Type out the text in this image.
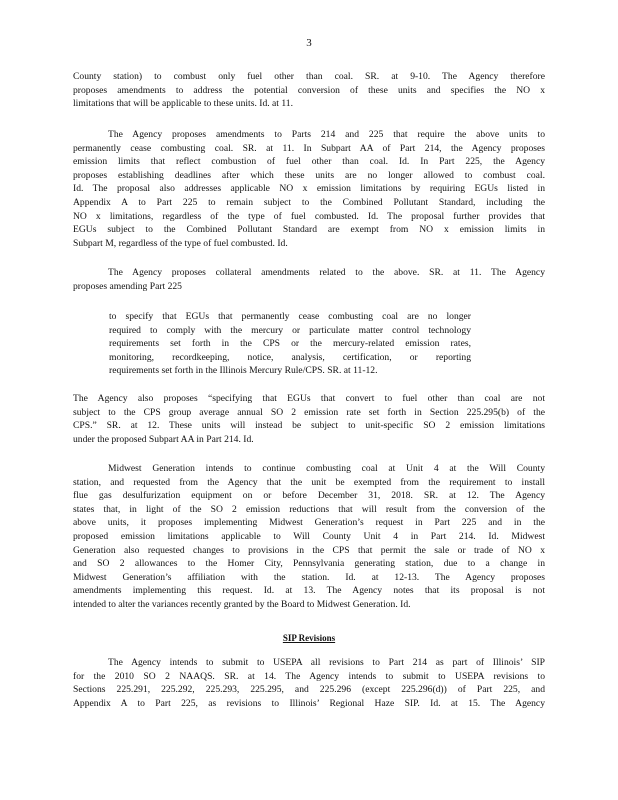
3

County station) to combust only fuel other than coal. SR. at 9-10. The Agency therefore

proposes amendments to address the potential conversion of these units and specifies the NO x

limitations that will be applicable to these units. Id. at 11.

The Agency proposes amendments to Parts 214 and 225 that require the above units to

permanently cease combusting coal. SR. at 11. In Subpart AA of Part 214, the Agency proposes

emission limits that reflect combustion of fuel other than coal. Id. In Part 225, the Agency

proposes establishing deadlines after which these units are no longer allowed to combust coal.

Id. The proposal also addresses applicable NO x emission limitations by requiring EGUs listed in

Appendix A to Part 225 to remain subject to the Combined Pollutant Standard, including the

NO x limitations, regardless of the type of fuel combusted. Id. The proposal further provides that

EGUs subject to the Combined Pollutant Standard are exempt from NO x emission limits in

Subpart M, regardless of the type of fuel combusted. Id.

The Agency proposes collateral amendments related to the above. SR. at 11. The Agency

proposes amending Part 225

to specify that EGUs that permanently cease combusting coal are no longer

required to comply with the mercury or particulate matter control technology

requirements set forth in the CPS or the mercury-related emission rates,

monitoring, recordkeeping, notice, analysis, certification, or reporting

requirements set forth in the Illinois Mercury Rule/CPS. SR. at 11-12.

The Agency also proposes “specifying that EGUs that convert to fuel other than coal are not

subject to the CPS group average annual SO 2 emission rate set forth in Section 225.295(b) of the

CPS.” SR. at 12. These units will instead be subject to unit-specific SO 2 emission limitations

under the proposed Subpart AA in Part 214. Id.

Midwest Generation intends to continue combusting coal at Unit 4 at the Will County

station, and requested from the Agency that the unit be exempted from the requirement to install

flue gas desulfurization equipment on or before December 31, 2018. SR. at 12. The Agency

states that, in light of the SO 2 emission reductions that will result from the conversion of the

above units, it proposes implementing Midwest Generation’s request in Part 225 and in the

proposed emission limitations applicable to Will County Unit 4 in Part 214. Id. Midwest

Generation also requested changes to provisions in the CPS that permit the sale or trade of NO x

and SO 2 allowances to the Homer City, Pennsylvania generating station, due to a change in

Midwest Generation’s affiliation with the station. Id. at 12-13. The Agency proposes

amendments implementing this request. Id. at 13. The Agency notes that its proposal is not

intended to alter the variances recently granted by the Board to Midwest Generation. Id.

SIP Revisions

The Agency intends to submit to USEPA all revisions to Part 214 as part of Illinois’ SIP

for the 2010 SO 2 NAAQS. SR. at 14. The Agency intends to submit to USEPA revisions to

Sections 225.291, 225.292, 225.293, 225.295, and 225.296 (except 225.296(d)) of Part 225, and

Appendix A to Part 225, as revisions to Illinois’ Regional Haze SIP. Id. at 15. The Agency
